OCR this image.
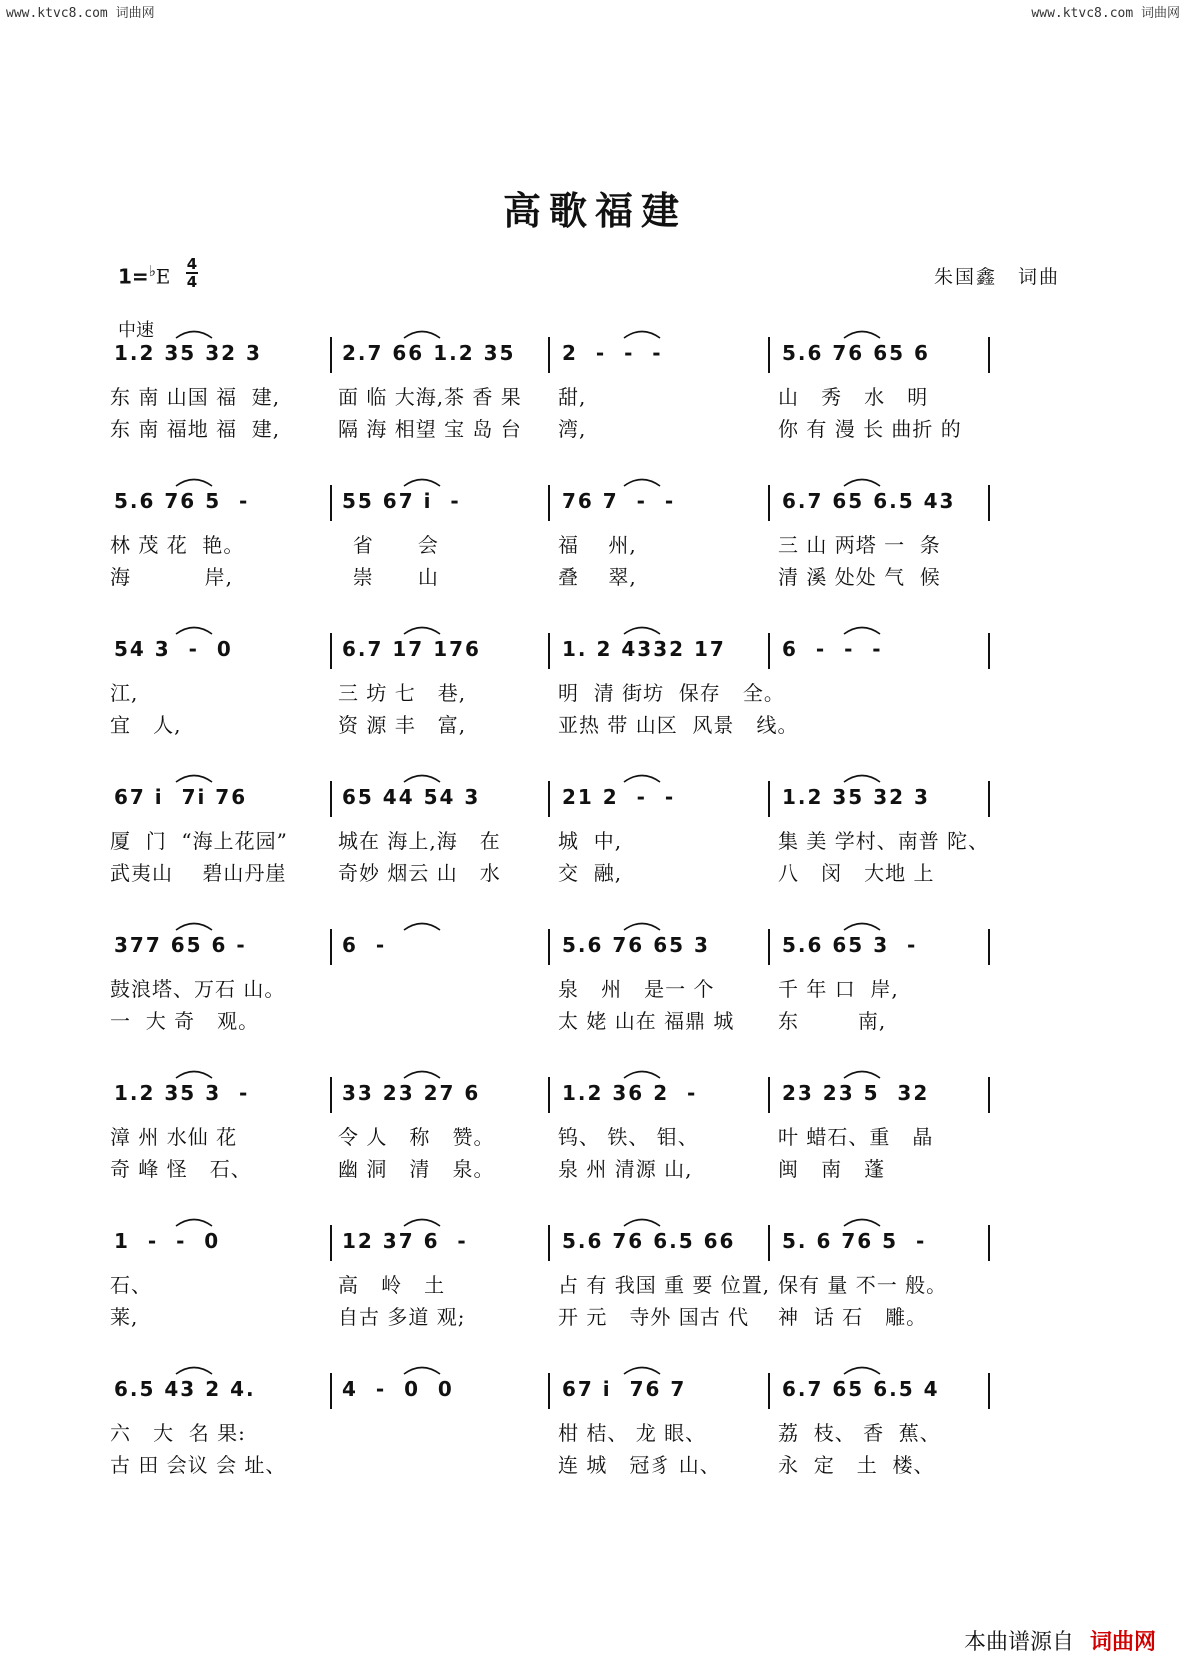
www.ktvc8.com 词曲网	www.ktvc8.com 词曲网
高歌福建
1=♭E
4
4	朱国鑫　词曲
中速
1.2 35 32 3
东 南 山国 福  建,
东 南 福地 福  建,
2.7 66 1.2 35
面 临 大海,茶 香 果
隔 海 相望 宝 岛 台
2  -  -  -
甜,
湾,
5.6 76 65 6
山   秀   水   明
你 有 漫 长 曲折 的
5.6 76 5  -
林 茂 花  艳。
海          岸,
55 67 i  -
省      会
崇      山
76 7  -  -
福    州,
叠    翠,
6.7 65 6.5 43
三 山 两塔 一  条
清 溪 处处 气  候
54 3  -  0
江,
宜   人,
6.7 17 176
三 坊 七   巷,
资 源 丰   富,
1. 2 4332 17
明  清 街坊  保存   全。
亚热 带 山区  风景   线。
6  -  -  -
67 i  7i 76
厦  门  “海上花园”
武夷山    碧山丹崖
65 44 54 3
城在 海上,海   在
奇妙 烟云 山   水
21 2  -  -
城  中,
交  融,
1.2 35 32 3
集 美 学村、南普 陀、
八   闵   大地 上
377 65 6 -
鼓浪塔、万石 山。
一  大 奇   观。
6  -	5.6 76 65 3
泉   州   是一 个
太 姥 山在 福鼎 城
5.6 65 3  -
千 年 口  岸,
东        南,
1.2 35 3  -
漳 州 水仙 花
奇 峰 怪   石、
33 23 27 6
令 人   称   赞。
幽 洞   清   泉。
1.2 36 2  -
钨、 铁、 钼、
泉 州 清源 山,
23 23 5  32
叶 蜡石、重   晶
闽   南   蓬
1  -  -  0
石、
莱,
12 37 6  -
高   岭   土
自古 多道 观;
5.6 76 6.5 66
占 有 我国 重 要 位置,
开 元   寺外 国古 代
5. 6 76 5  -
保有 量 不一 般。
神  话 石   雕。
6.5 43 2 4.
六   大  名 果:
古 田 会议 会 址、
4  -  0  0	67 i  76 7
柑 桔、 龙 眼、
连 城   冠豸 山、
6.7 65 6.5 4
荔  枝、 香  蕉、
永  定   土  楼、
本曲谱源自 词曲网
